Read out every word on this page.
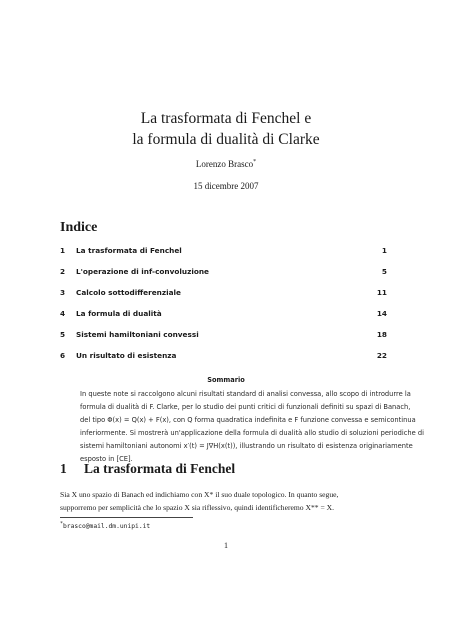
La trasformata di Fenchel e
la formula di dualità di Clarke
Lorenzo Brasco*
15 dicembre 2007
Indice
1 La trasformata di Fenchel	1
2 L'operazione di inf-convoluzione	5
3 Calcolo sottodifferenziale	11
4 La formula di dualità	14
5 Sistemi hamiltoniani convessi	18
6 Un risultato di esistenza	22
Sommario
In queste note si raccolgono alcuni risultati standard di analisi convessa, allo scopo di introdurre la
formula di dualità di F. Clarke, per lo studio dei punti critici di funzionali definiti su spazi di Banach,
del tipo Φ(x) = Q(x) + F(x), con Q forma quadratica indefinita e F funzione convessa e semicontinua
inferiormente. Si mostrerà un'applicazione della formula di dualità allo studio di soluzioni periodiche di
sistemi hamiltoniani autonomi x′(t) = J∇H(x(t)), illustrando un risultato di esistenza originariamente
esposto in [CE].
1 La trasformata di Fenchel
Sia X uno spazio di Banach ed indichiamo con X* il suo duale topologico. In quanto segue,
supporremo per semplicità che lo spazio X sia riflessivo, quindi identificheremo X** = X.
*brasco@mail.dm.unipi.it
1
